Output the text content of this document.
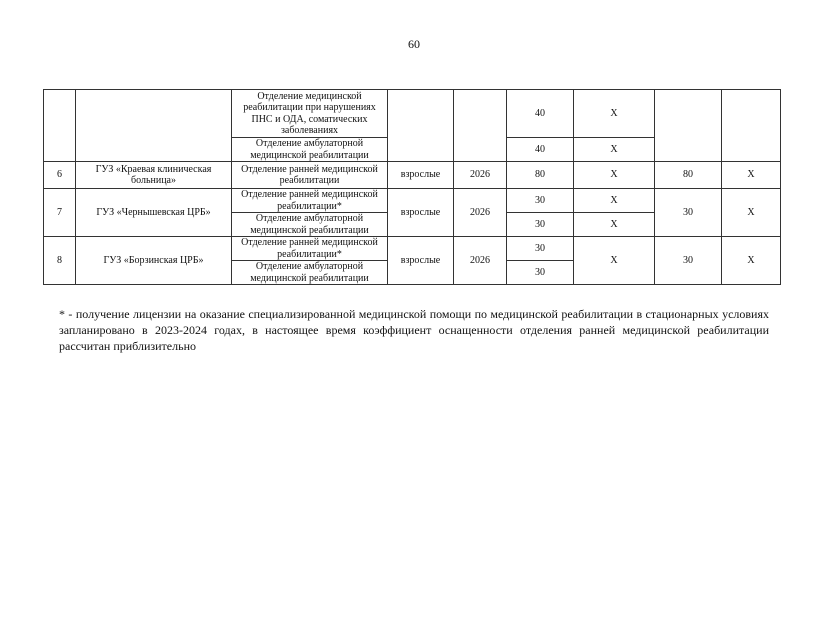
60
		Отделение медицинской реабилитации при нарушениях ПНС и ОДА, соматических заболеваниях			40	Х		
		Отделение амбулаторной медицинской реабилитации			40	Х		
6	ГУЗ «Краевая клиническая больница»	Отделение ранней медицинской реабилитации	взрослые	2026	80	Х	80	Х
7	ГУЗ «Чернышевская ЦРБ»	Отделение ранней медицинской реабилитации*	взрослые	2026	30	Х	30	Х
		Отделение амбулаторной медицинской реабилитации			30	Х		
8	ГУЗ «Борзинская ЦРБ»	Отделение ранней медицинской реабилитации*	взрослые	2026	30	Х	30	Х
		Отделение амбулаторной медицинской реабилитации			30			
* - получение лицензии на оказание специализированной медицинской помощи по медицинской реабилитации в стационарных условиях запланировано в 2023-2024 годах, в настоящее время коэффициент оснащенности отделения ранней медицинской реабилитации рассчитан приблизительно
